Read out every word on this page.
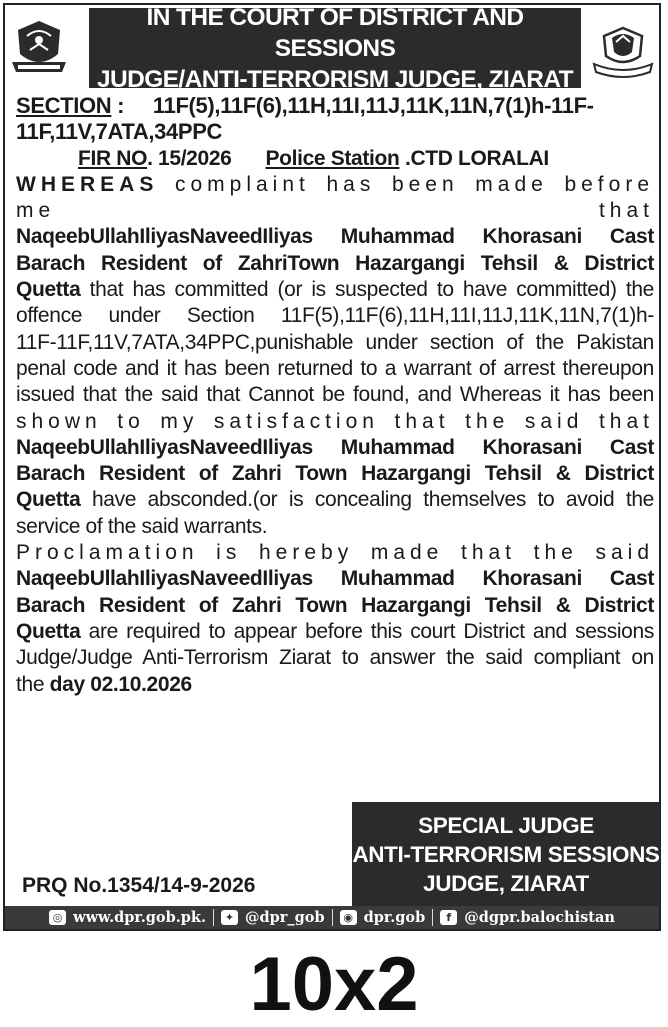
IN THE COURT OF DISTRICT AND SESSIONS
JUDGE/ANTI-TERRORISM JUDGE, ZIARAT

SECTION : 11F(5),11F(6),11H,11I,11J,11K,11N,7(1)h-11F-

11F,11V,7ATA,34PPC

FIR NO. 15/2026 Police Station .CTD LORALAI

WHEREAS complaint has been made before me that

NaqeebUllahIliyasNaveedIliyas Muhammad Khorasani Cast

Barach Resident of ZahriTown Hazargangi Tehsil & District

Quetta that has committed (or is suspected to have committed) the

offence under Section 11F(5),11F(6),11H,11I,11J,11K,11N,7(1)h-

11F-11F,11V,7ATA,34PPC,punishable under section of the Pakistan

penal code and it has been returned to a warrant of arrest thereupon

issued that the said that Cannot be found, and Whereas it has been

shown to my satisfaction that the said that

NaqeebUllahIliyasNaveedIliyas Muhammad Khorasani Cast

Barach Resident of Zahri Town Hazargangi Tehsil & District

Quetta have absconded.(or is concealing themselves to avoid the

service of the said warrants.

Proclamation is hereby made that the said

NaqeebUllahIliyasNaveedIliyas Muhammad Khorasani Cast

Barach Resident of Zahri Town Hazargangi Tehsil & District

Quetta are required to appear before this court District and sessions

Judge/Judge Anti-Terrorism Ziarat to answer the said compliant on

the day 02.10.2026

SPECIAL JUDGE
ANTI-TERRORISM SESSIONS
JUDGE, ZIARAT
PRQ No.1354/14-9-2026
◎ www.dpr.gob.pk.	✦ @dpr_gob	◉ dpr.gob	f @dgpr.balochistan
10x2
